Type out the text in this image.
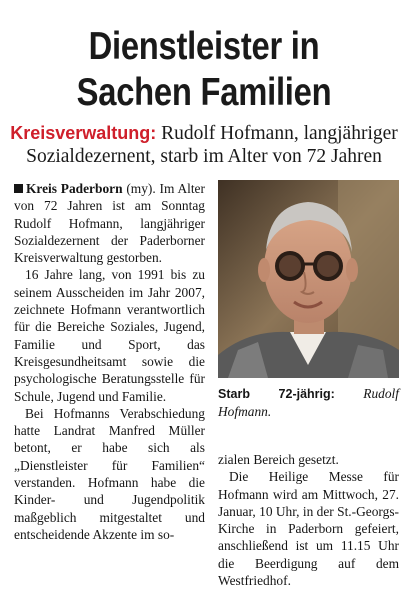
Dienstleister in
Sachen Familien
Kreisverwaltung: Rudolf Hofmann, langjähriger
Sozialdezernent, starb im Alter von 72 Jahren

Kreis Paderborn (my). Im Alter von 72 Jahren ist am Sonntag Rudolf Hofmann, langjähriger Sozialdezernent der Paderborner Kreisverwaltung gestorben.

16 Jahre lang, von 1991 bis zu seinem Ausscheiden im Jahr 2007, zeichnete Hofmann verantwortlich für die Bereiche Soziales, Jugend, Familie und Sport, das Kreisgesundheitsamt sowie die psychologische Beratungsstelle für Schule, Jugend und Familie.

Bei Hofmanns Verabschiedung hatte Landrat Manfred Müller betont, er habe sich als „Dienstleister für Familien“ verstanden. Hofmann habe die Kinder- und Jugendpolitik maßgeblich mitgestaltet und entscheidende Akzente im so-

Starb 72-jährig: Rudolf Hofmann.

zialen Bereich gesetzt.

Die Heilige Messe für Hofmann wird am Mittwoch, 27. Januar, 10 Uhr, in der St.-Georgs-Kirche in Paderborn gefeiert, anschließend ist um 11.15 Uhr die Beerdigung auf dem Westfriedhof.
